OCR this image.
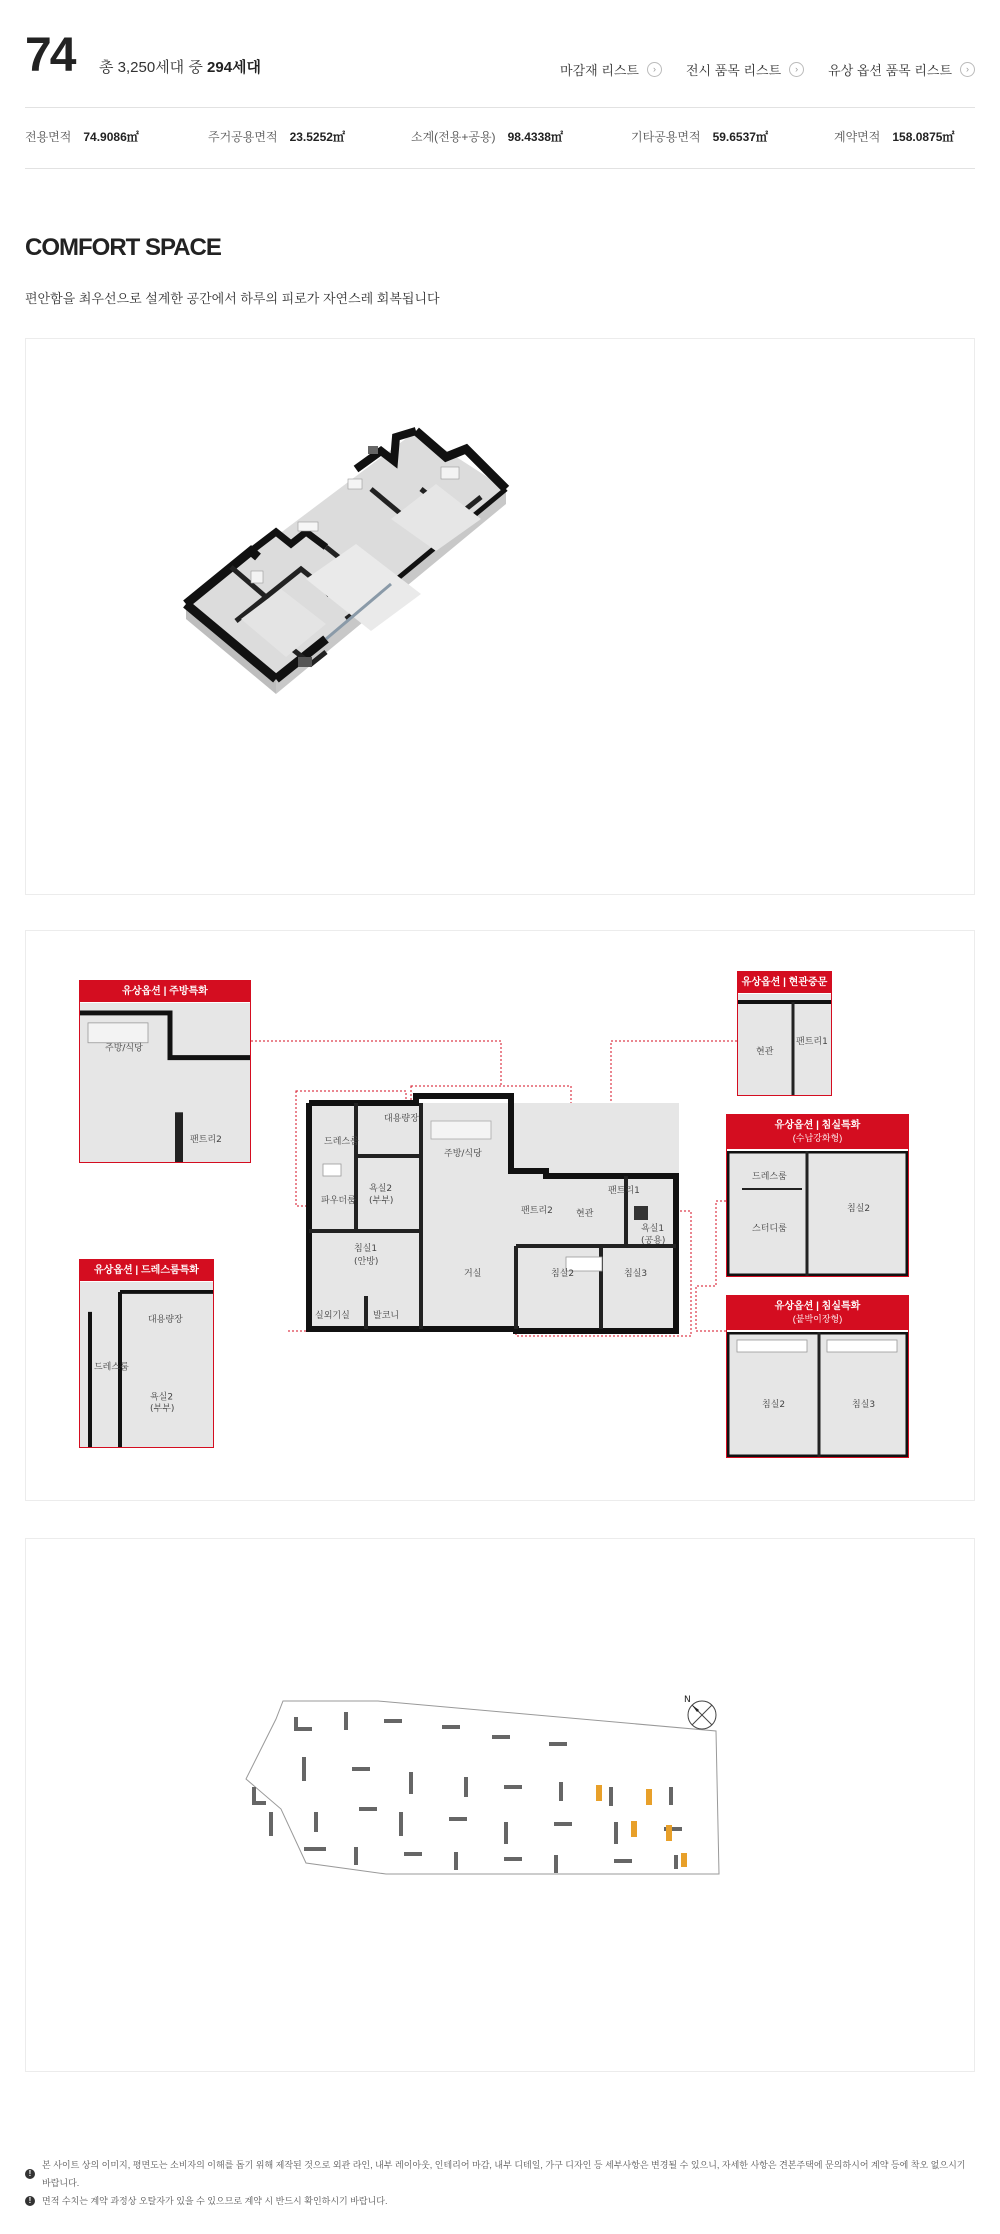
74 총 3,250세대 중 294세대	마감재 리스트	›	전시 품목 리스트	›	유상 옵션 품목 리스트	›
전용면적 74.9086㎡	주거공용면적 23.5252㎡	소계(전용+공용) 98.4338㎡	기타공용면적 59.6537㎡	계약면적 158.0875㎡
COMFORT SPACE
편안함을 최우선으로 설계한 공간에서 하루의 피로가 자연스레 회복됩니다
대용량장
드레스룸
파우더룸
욕실2
(부부)
주방/식당
팬트리2	현관
팬트리1
욕실1
(공용)
침실1
(안방)
거실	침실2	침실3
실외기실	발코니
유상옵션 | 주방특화
주방/식당
팬트리2
유상옵션 | 현관중문
현관
팬트리1
유상옵션 | 침실특화
(수납강화형)
드레스룸
스터디룸
침실2
유상옵션 | 침실특화
(붙박이장형)
침실2	침실3
유상옵션 | 드레스룸특화
대용량장
드레스룸
욕실2
(부부)
N
!
본 사이트 상의 이미지, 평면도는 소비자의 이해를 돕기 위해 제작된 것으로 외관 라인, 내부 레이아웃, 인테리어 마감, 내부 디테일, 가구 디자인 등 세부사항은 변경될 수 있으니, 자세한 사항은 견본주택에 문의하시어 계약 등에 착오 없으시기 바랍니다.
!	면적 수치는 계약 과정상 오탈자가 있을 수 있으므로 계약 시 반드시 확인하시기 바랍니다.
